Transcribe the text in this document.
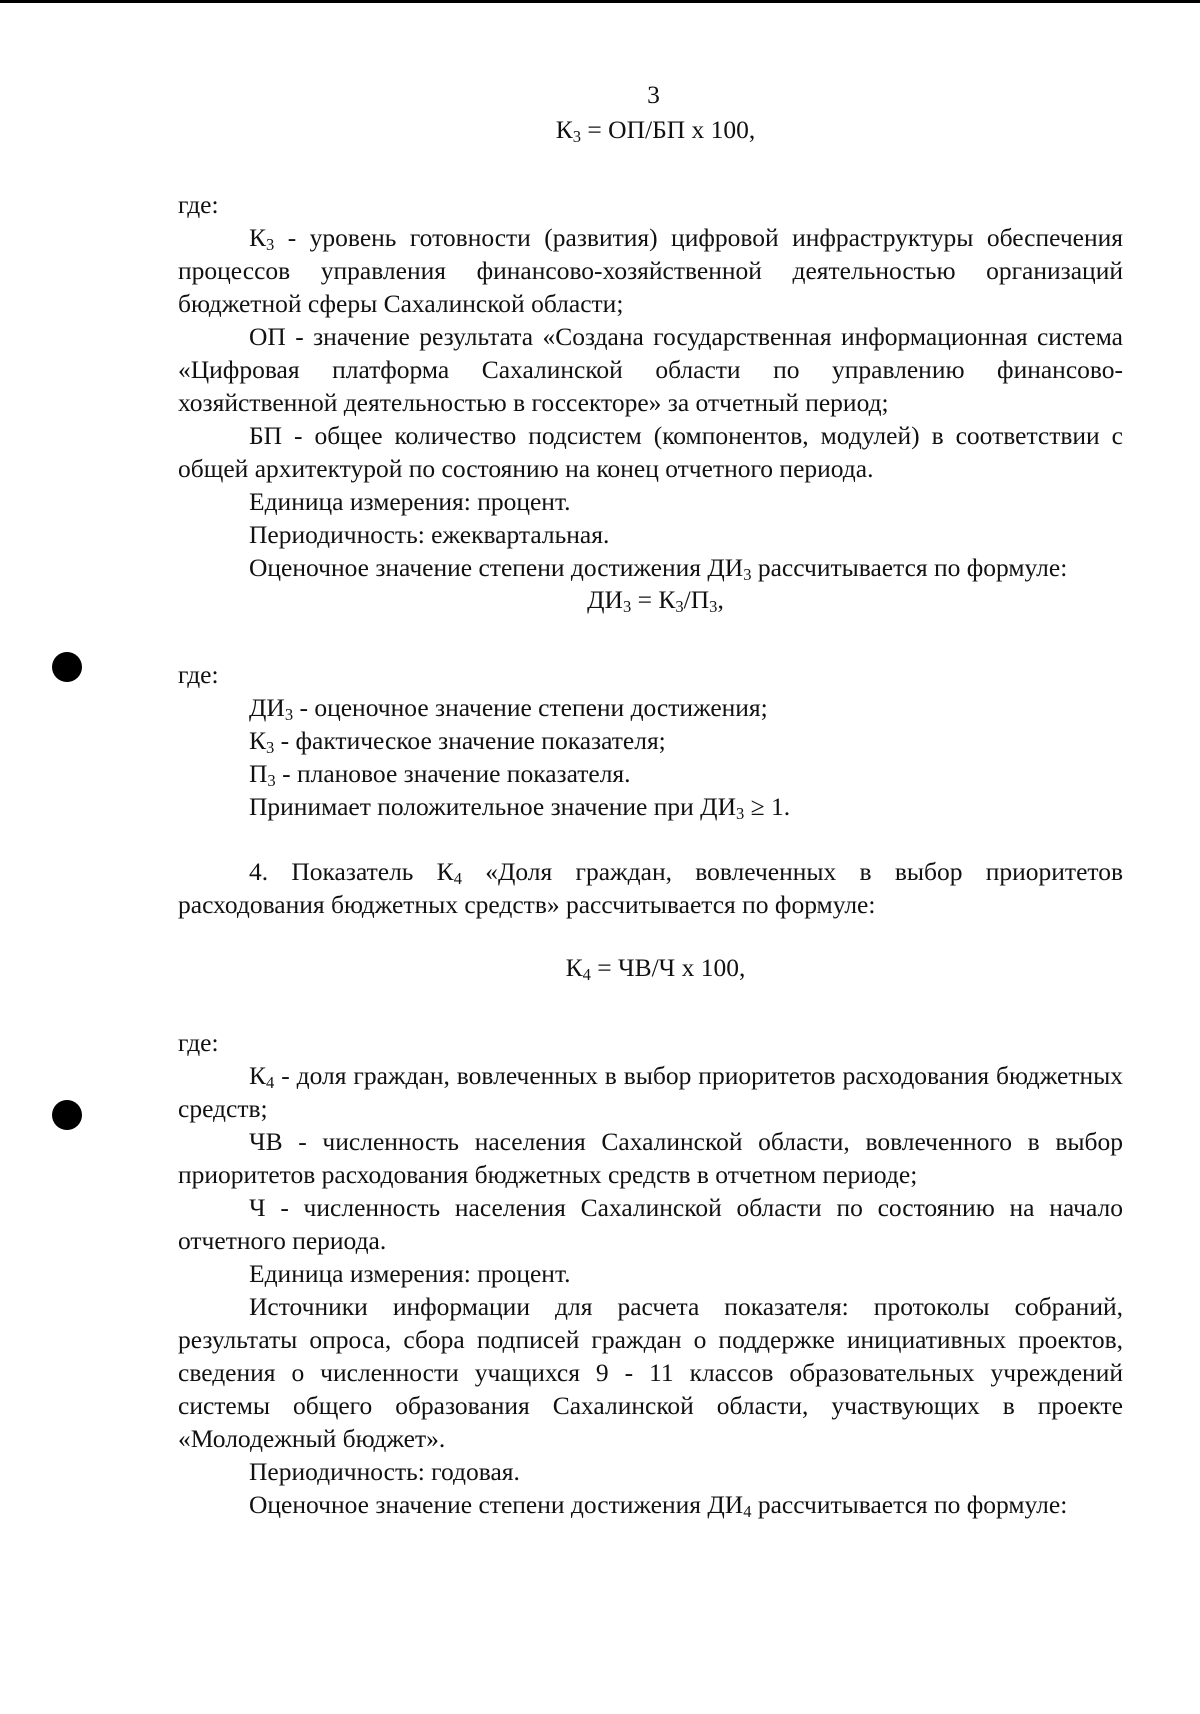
3

$К_3 = ОП/БП$ х 100,

где:

$К_3$ - уровень готовности (развития) цифровой инфраструктуры обеспечения процессов управления финансово-хозяйственной деятельностью организаций бюджетной сферы Сахалинской области;

ОП - значение результата «Создана государственная информационная система «Цифровая платформа Сахалинской области по управлению финансово-хозяйственной деятельностью в госсекторе» за отчетный период;

БП - общее количество подсистем (компонентов, модулей) в соответствии с общей архитектурой по состоянию на конец отчетного периода.

Единица измерения: процент.

Периодичность: ежеквартальная.

Оценочное значение степени достижения $ДИ_3$ рассчитывается по формуле:

$ДИ_3 = К_3/П_3$,

где:

$ДИ_3$ - оценочное значение степени достижения;

$К_3$ - фактическое значение показателя;

$П_3$ - плановое значение показателя.

Принимает положительное значение при $ДИ_3 \ge 1$.

4. Показатель $К_4$ «Доля граждан, вовлеченных в выбор приоритетов расходования бюджетных средств» рассчитывается по формуле:

$К_4 = ЧВ/Ч$ х 100,

где:

$К_4$ - доля граждан, вовлеченных в выбор приоритетов расходования бюджетных средств;

ЧВ - численность населения Сахалинской области, вовлеченного в выбор приоритетов расходования бюджетных средств в отчетном периоде;

Ч - численность населения Сахалинской области по состоянию на начало отчетного периода.

Единица измерения: процент.

Источники информации для расчета показателя: протоколы собраний, результаты опроса, сбора подписей граждан о поддержке инициативных проектов, сведения о численности учащихся 9 - 11 классов образовательных учреждений системы общего образования Сахалинской области, участвующих в проекте «Молодежный бюджет».

Периодичность: годовая.

Оценочное значение степени достижения $ДИ_4$ рассчитывается по формуле:
